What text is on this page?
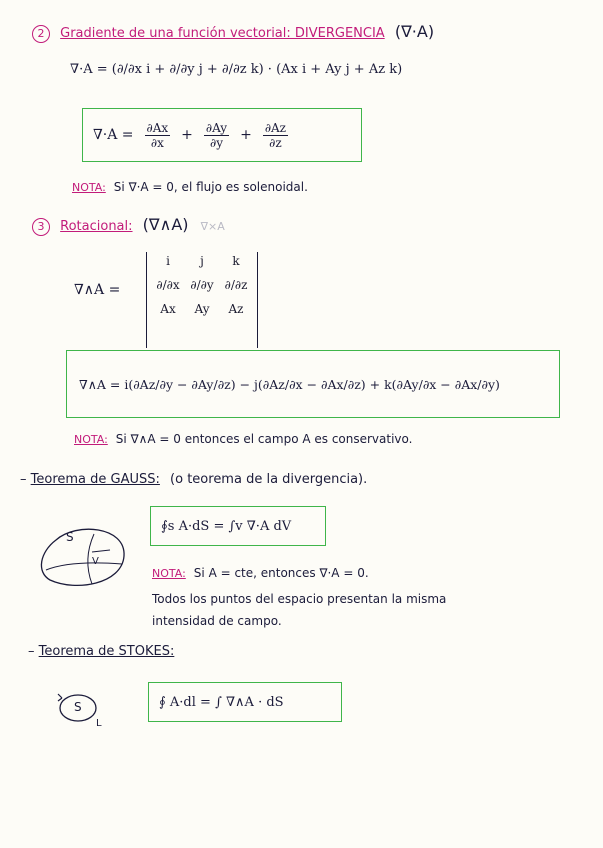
2 Gradiente de una función vectorial: DIVERGENCIA (∇·A)
∇·A = (∂/∂x i + ∂/∂y j + ∂/∂z k) · (Ax i + Ay j + Az k)
$\nabla\cdot A = \frac{\partial Ax}{\partial x} + \frac{\partial Ay}{\partial y} + \frac{\partial Az}{\partial z}$
NOTA: Si ∇·A = 0, el flujo es solenoidal.
3 Rotacional: (∇∧A) ∇×A
∇∧A =
i	j	k
∂/∂x ∂/∂y ∂/∂z
Ax	Ay	Az
∇∧A = i(∂Az/∂y − ∂Ay/∂z) − j(∂Az/∂x − ∂Ax/∂z) + k(∂Ay/∂x − ∂Ax/∂y)
NOTA: Si ∇∧A = 0 entonces el campo A es conservativo.
– Teorema de GAUSS: (o teorema de la divergencia).
∮s A·dS = ∫v ∇·A dV
S
V
NOTA: Si A = cte, entonces ∇·A = 0.
Todos los puntos del espacio presentan la misma
intensidad de campo.
– Teorema de STOKES:
∮ A·dl = ∫ ∇∧A · dS
S
L
